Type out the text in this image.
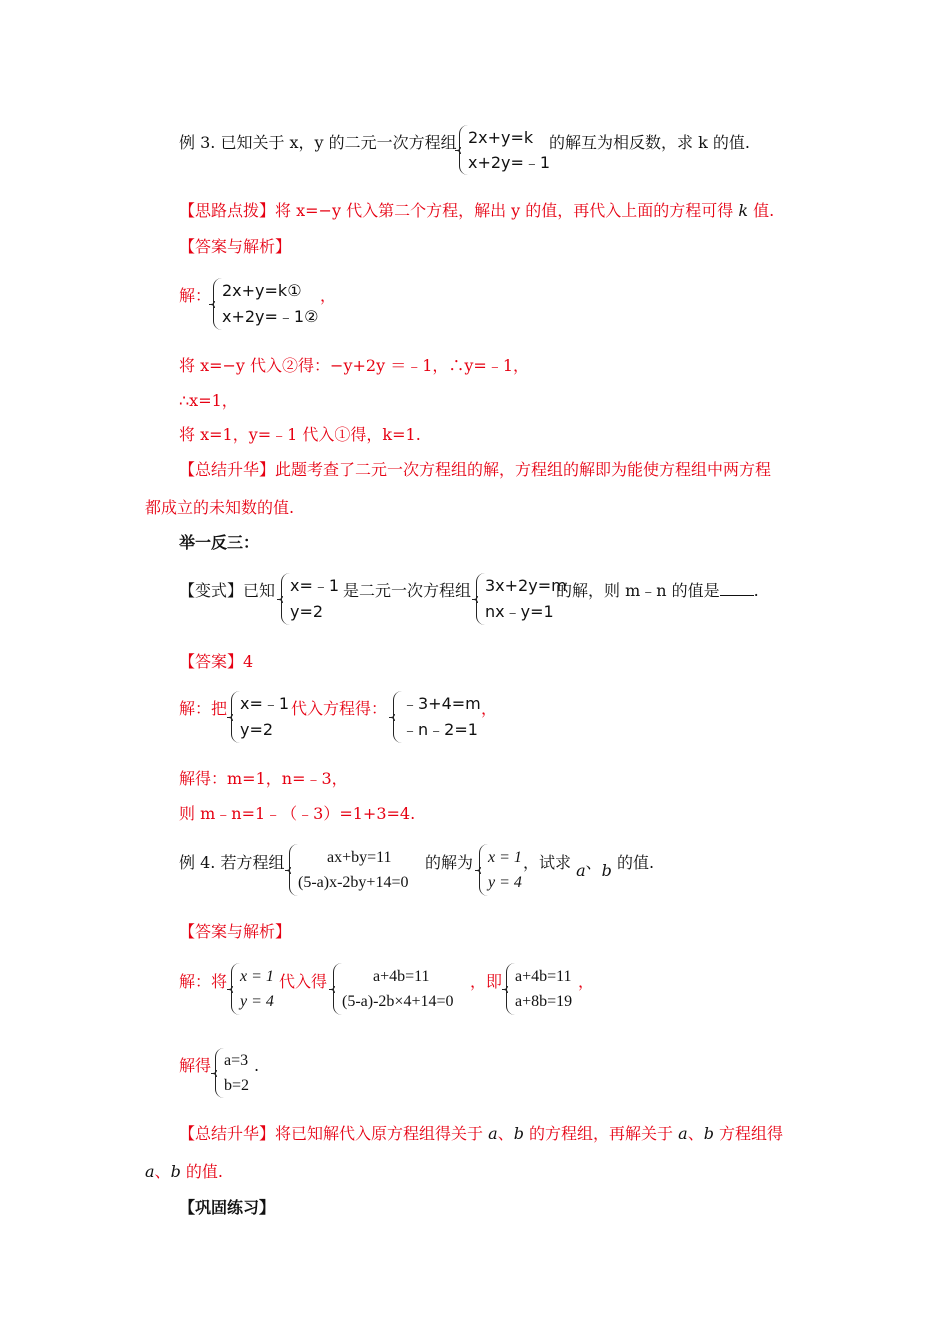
例 3. 已知关于 x，y 的二元一次方程组 2x+y=k
x+2y=﹣1
的解互为相反数，求 k 的值.
【思路点拨】将 x=−y 代入第二个方程，解出 y 的值，再代入上面的方程可得 k 值.
【答案与解析】
解： 2x+y=k①
x+2y=﹣1②
，
将 x=−y 代入②得：−y+2y ＝﹣1，∴y=﹣1，
∴x=1，
将 x=1，y=﹣1 代入①得，k=1.
【总结升华】此题考查了二元一次方程组的解，方程组的解即为能使方程组中两方程
都成立的未知数的值.
举一反三：
【变式】已知 x=﹣1
y=2
是二元一次方程组 3x+2y=m
nx﹣y=1
的解，则 m﹣n 的值是 .
【答案】4
解：把 x=﹣1
y=2
代入方程得： ﹣3+4=m
﹣n﹣2=1
，
解得：m=1，n=﹣3，
则 m﹣n=1﹣（﹣3）=1+3=4.
例 4. 若方程组	ax+by=11
(5-a)x-2by+14=0
的解为 x = 1
y = 4
，试求 a、b 的值.
【答案与解析】
解：将 x = 1
y = 4
代入得	a+4b=11
(5-a)-2b×4+14=0
，即 a+4b=11
a+8b=19
，
解得 a=3
b=2
.
【总结升华】将已知解代入原方程组得关于 a、b 的方程组，再解关于 a、b 方程组得
a、b 的值.
【巩固练习】
